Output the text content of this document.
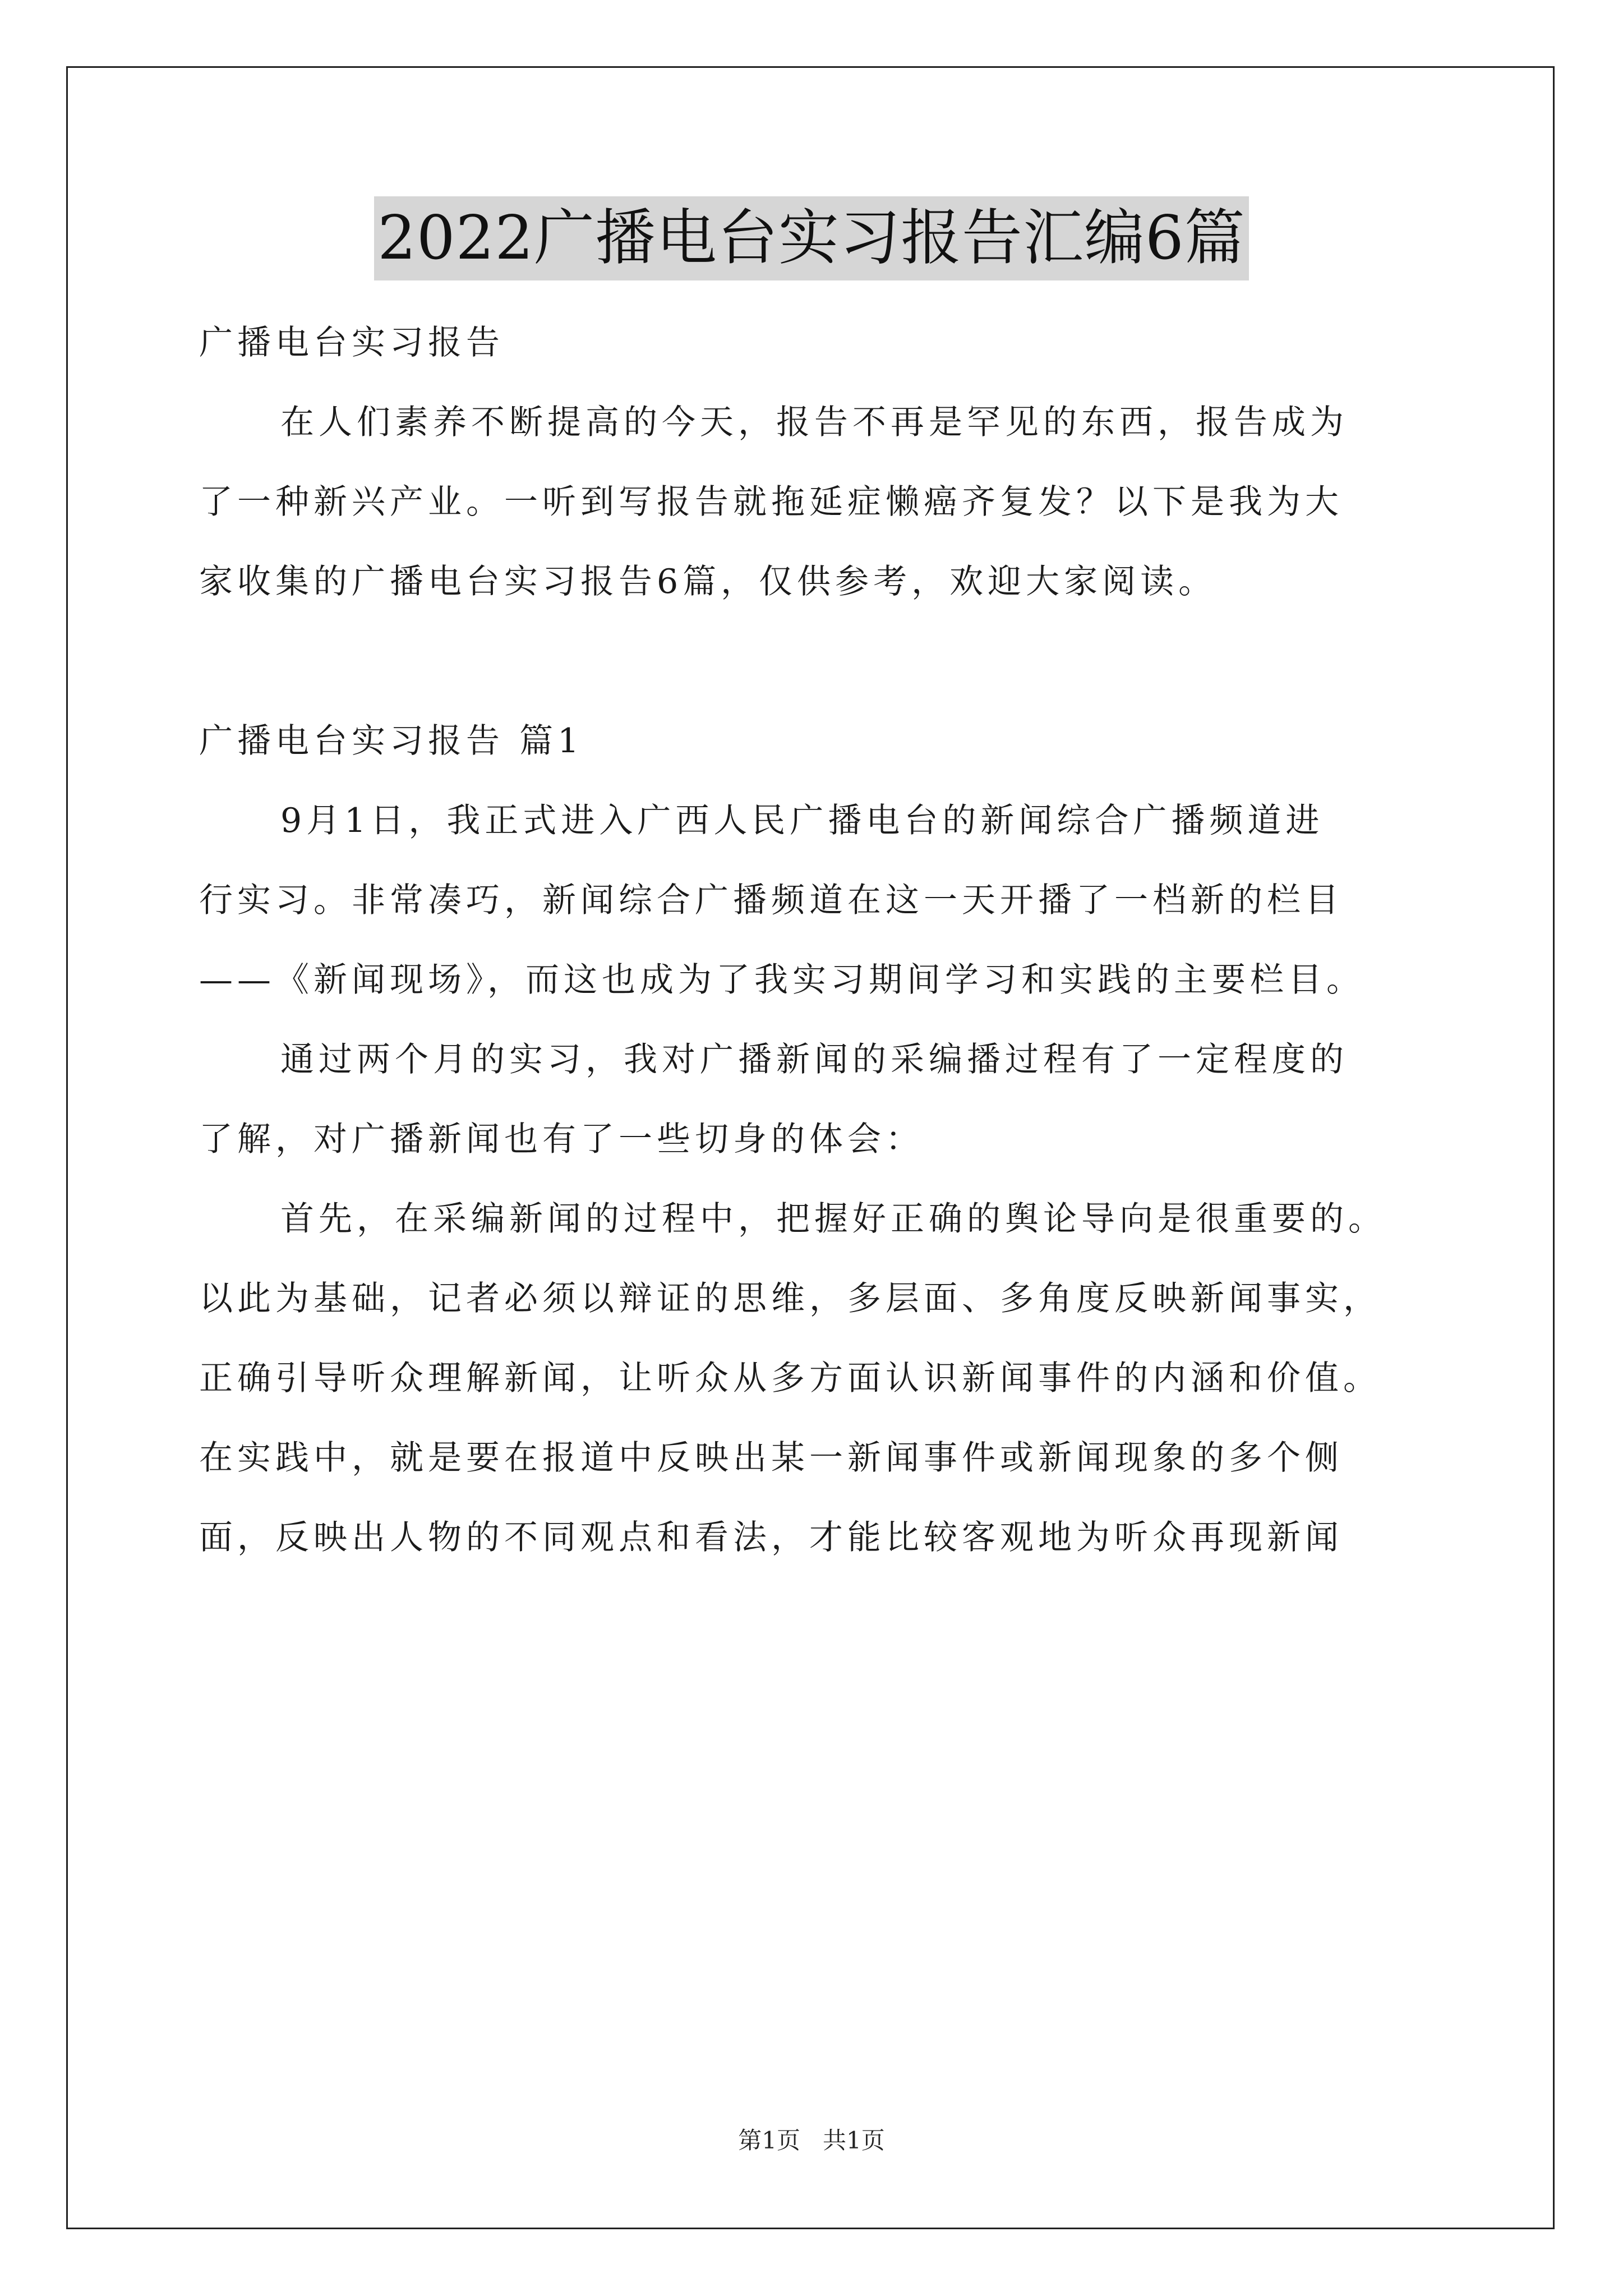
2022广播电台实习报告汇编6篇
广播电台实习报告
在人们素养不断提高的今天，报告不再是罕见的东西，报告成为
了一种新兴产业。一听到写报告就拖延症懒癌齐复发？以下是我为大
家收集的广播电台实习报告6篇，仅供参考，欢迎大家阅读。
广播电台实习报告 篇1
9月1日，我正式进入广西人民广播电台的新闻综合广播频道进
行实习。非常凑巧，新闻综合广播频道在这一天开播了一档新的栏目
——《新闻现场》，而这也成为了我实习期间学习和实践的主要栏目。
通过两个月的实习，我对广播新闻的采编播过程有了一定程度的
了解，对广播新闻也有了一些切身的体会：
首先，在采编新闻的过程中，把握好正确的舆论导向是很重要的。
以此为基础，记者必须以辩证的思维，多层面、多角度反映新闻事实，
正确引导听众理解新闻，让听众从多方面认识新闻事件的内涵和价值。
在实践中，就是要在报道中反映出某一新闻事件或新闻现象的多个侧
面，反映出人物的不同观点和看法，才能比较客观地为听众再现新闻
第1页 共1页
